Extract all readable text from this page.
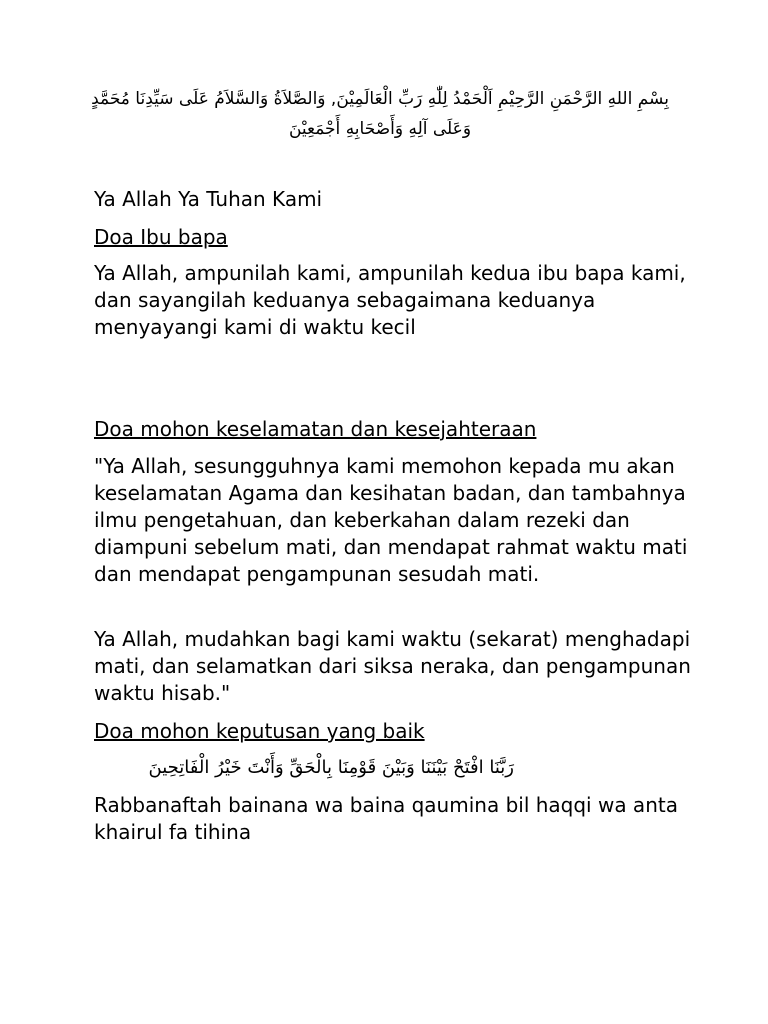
بِسْمِ اللهِ الرَّحْمَنِ الرَّحِيْمِ اَلْحَمْدُ لِلّٰهِ رَبِّ الْعَالَمِيْنَ, وَالصَّلاَةُ وَالسَّلاَمُ عَلَى سَيِّدِنَا مُحَمَّدٍ وَعَلَى آلِهِ وَأَصْحَابِهِ أَجْمَعِيْنَ
Ya Allah Ya Tuhan Kami
Doa Ibu bapa
Ya Allah, ampunilah kami, ampunilah kedua ibu bapa kami, dan sayangilah keduanya sebagaimana keduanya menyayangi kami di waktu kecil
Doa mohon keselamatan dan kesejahteraan
"Ya Allah, sesungguhnya kami memohon kepada mu akan keselamatan Agama dan kesihatan badan, dan tambahnya ilmu pengetahuan, dan keberkahan dalam rezeki dan diampuni sebelum mati, dan mendapat rahmat waktu mati dan mendapat pengampunan sesudah mati.
Ya Allah, mudahkan bagi kami waktu (sekarat) menghadapi mati, dan selamatkan dari siksa neraka, dan pengampunan waktu hisab."
Doa mohon keputusan yang baik
رَبَّنَا افْتَحْ بَيْنَنَا وَبَيْنَ قَوْمِنَا بِالْحَقِّ وَأَنْتَ خَيْرُ الْفَاتِحِينَ
Rabbanaftah bainana wa baina qaumina bil haqqi wa anta khairul fa tihina
